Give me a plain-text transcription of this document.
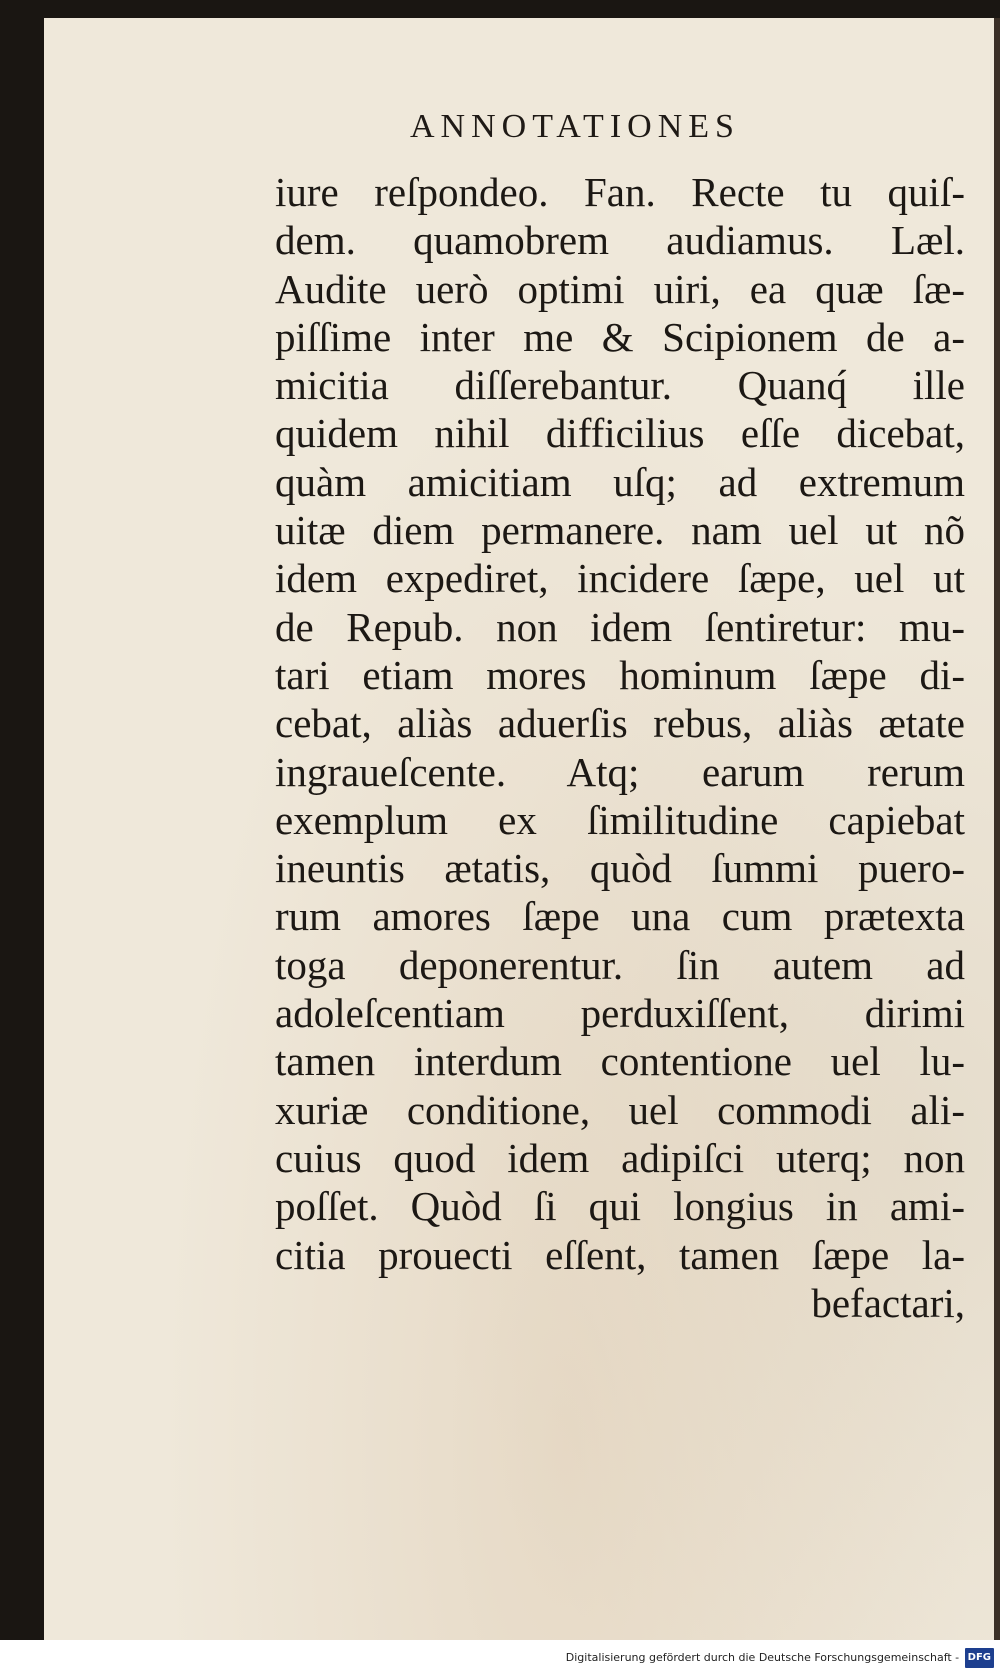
ANNOTATIONES
iure reſpondeo. Fan. Recte tu quiſ-
dem. quamobrem audiamus. Læl.
Audite uerò optimi uiri, ea quæ ſæ-
piſſime inter me & Scipionem de a-
micitia diſſerebantur. Quanq́ ille
quidem nihil difficilius eſſe dicebat,
quàm amicitiam uſq; ad extremum
uitæ diem permanere. nam uel ut nõ
idem expediret, incidere ſæpe, uel ut
de Repub. non idem ſentiretur: mu-
tari etiam mores hominum ſæpe di-
cebat, aliàs aduerſis rebus, aliàs ætate
ingraueſcente. Atq; earum rerum
exemplum ex ſimilitudine capiebat
ineuntis ætatis, quòd ſummi puero-
rum amores ſæpe una cum prætexta
toga deponerentur. ſin autem ad
adoleſcentiam perduxiſſent, dirimi
tamen interdum contentione uel lu-
xuriæ conditione, uel commodi ali-
cuius quod idem adipiſci uterq; non
poſſet. Quòd ſi qui longius in ami-
citia prouecti eſſent, tamen ſæpe la-
befactari,
Digitalisierung gefördert durch die Deutsche Forschungsgemeinschaft - DFG
